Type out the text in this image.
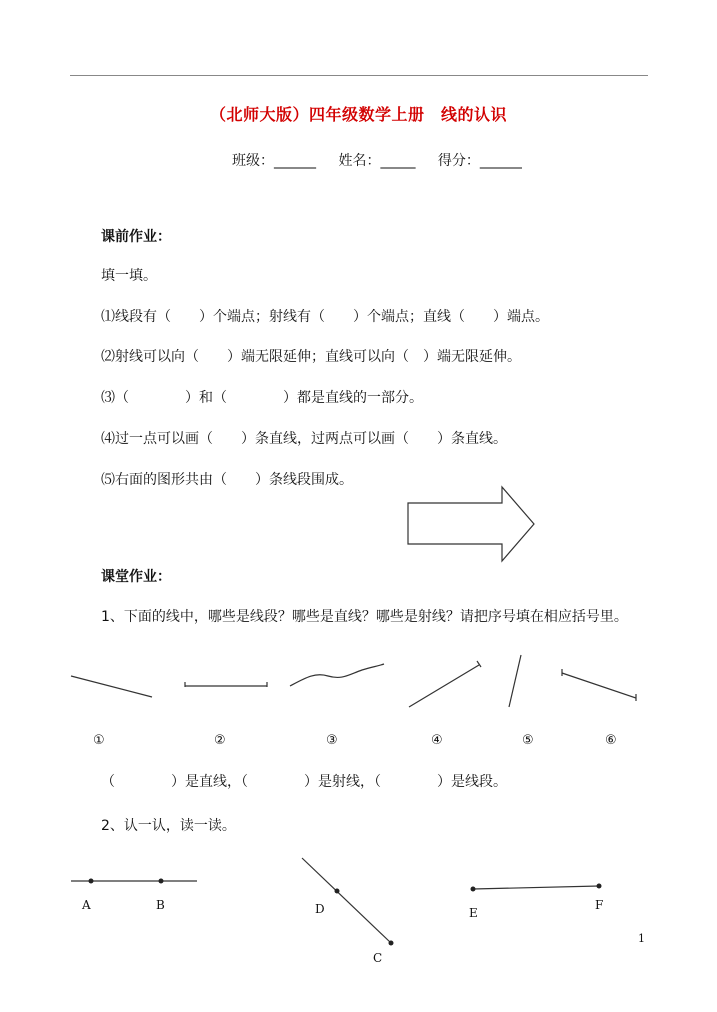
（北师大版）四年级数学上册　线的认识
班级：______ 姓名：_____ 得分：______
课前作业：
填一填。
⑴线段有（　　）个端点；射线有（　　）个端点；直线（　　）端点。
⑵射线可以向（　　）端无限延伸；直线可以向（　）端无限延伸。
⑶（　　　　）和（　　　　）都是直线的一部分。
⑷过一点可以画（　　）条直线，过两点可以画（　　）条直线。
⑸右面的图形共由（　　）条线段围成。
课堂作业：
1、下面的线中，哪些是线段？哪些是直线？哪些是射线？请把序号填在相应括号里。
①	②	③	④	⑤	⑥
（　　　　）是直线，（　　　　）是射线，（　　　　）是线段。
2、认一认，读一读。
A	B	D
C
E
F
1
